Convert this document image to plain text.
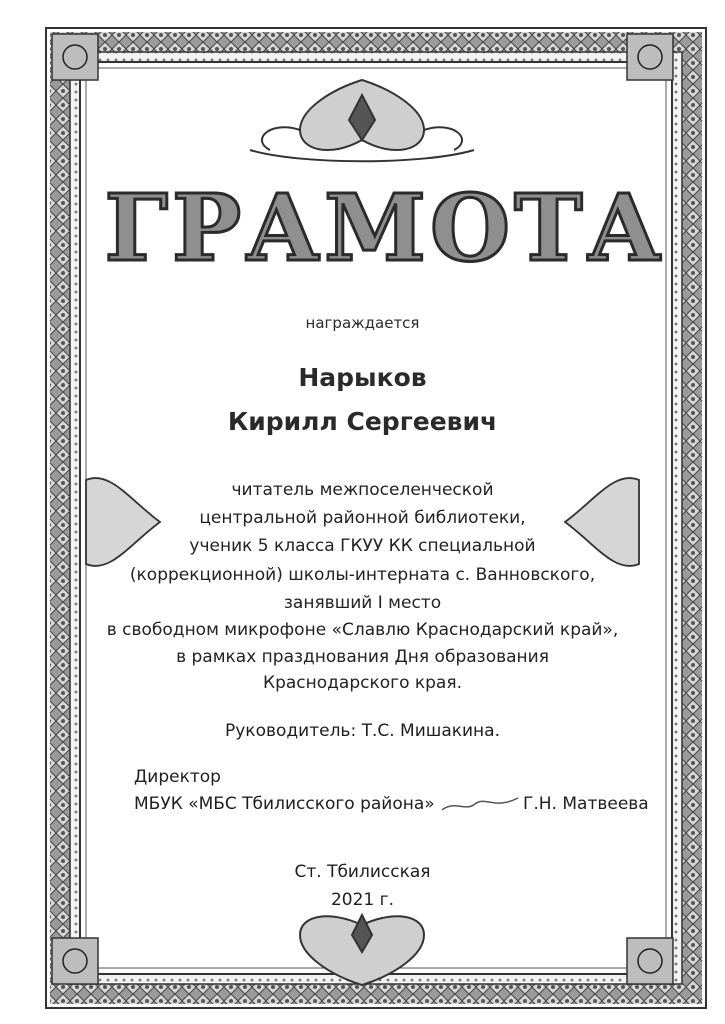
ГРАМОТА
награждается
Нарыков
Кирилл Сергеевич
читатель межпоселенческой
центральной районной библиотеки,
ученик 5 класса ГКУУ КК специальной
(коррекционной) школы-интерната с. Ванновского,
занявший I место
в свободном микрофоне «Славлю Краснодарский край»,
в рамках празднования Дня образования
Краснодарского края.
Руководитель: Т.С. Мишакина.
Директор
МБУК «МБС Тбилисского района»	Г.Н. Матвеева
Ст. Тбилисская
2021 г.
